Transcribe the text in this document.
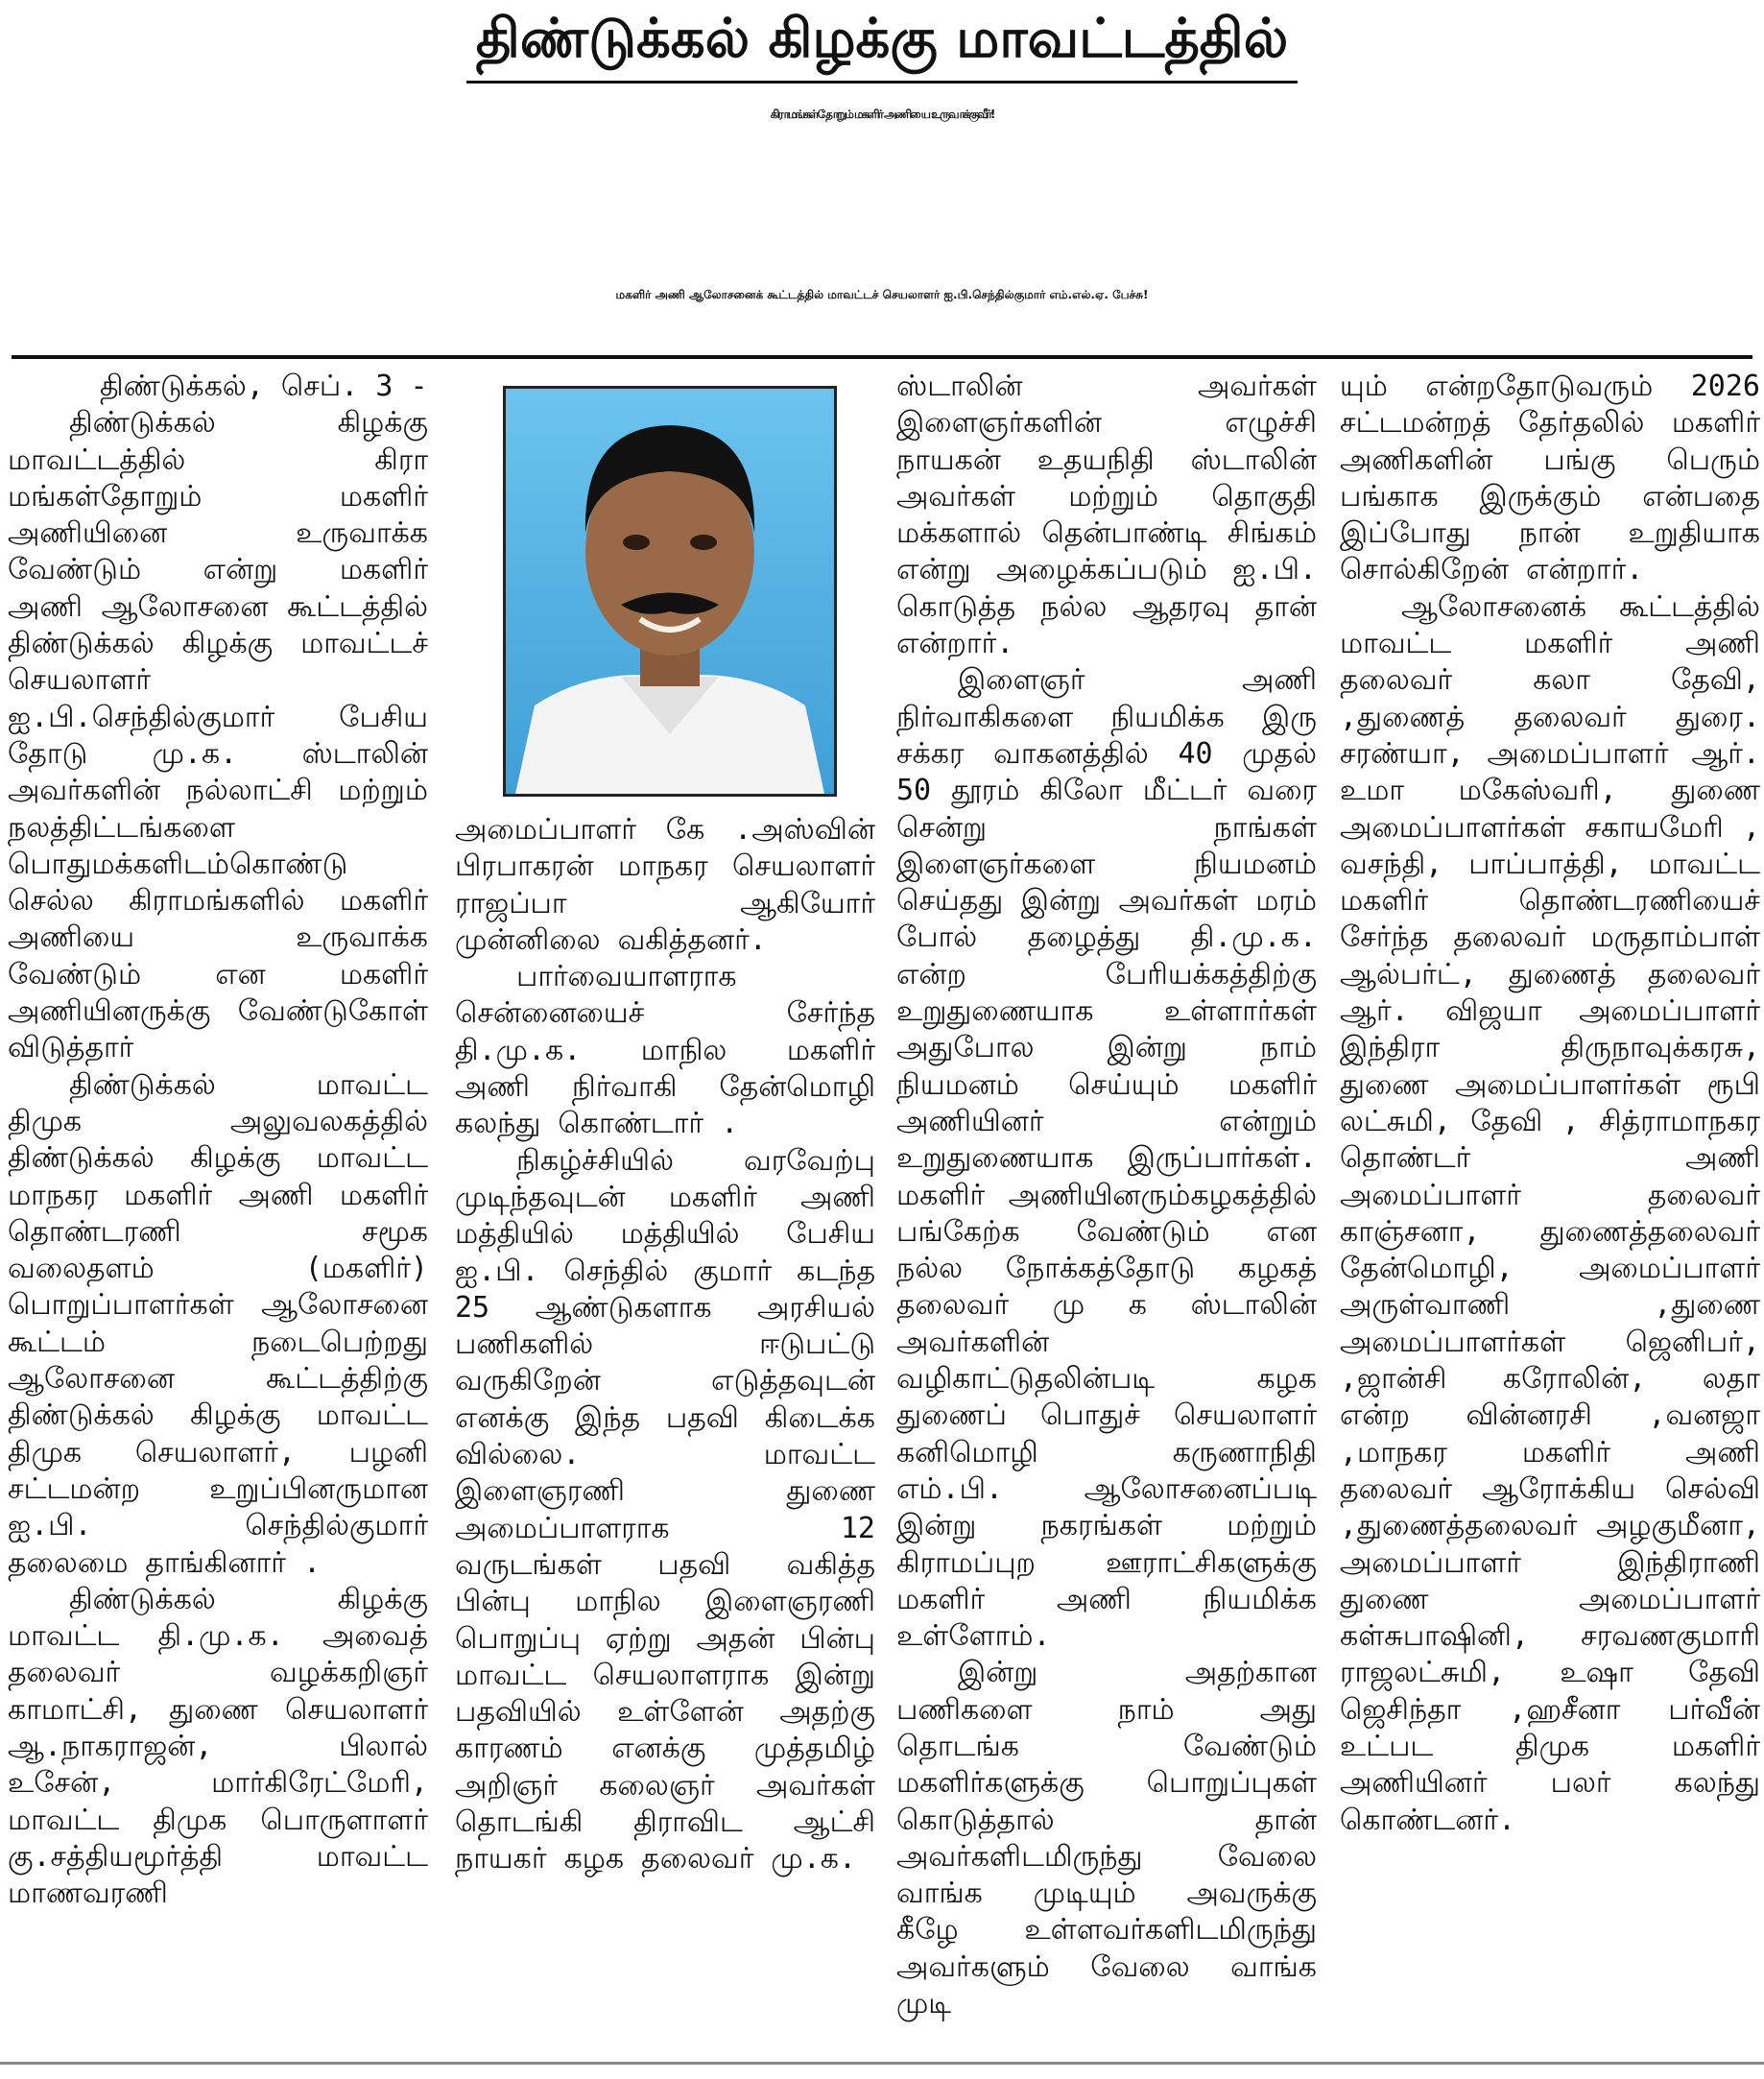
திண்டுக்கல் கிழக்கு மாவட்டத்தில்
கிராமங்கள்தோறும் மகளிர் அணியை உருவாக்குவீர்!
மகளிர் அணி ஆலோசனைக் கூட்டத்தில் மாவட்டச் செயலாளர் ஐ.பி.செந்தில்குமார் எம்.எல்.ஏ. பேச்சு!

திண்டுக்கல், செப். 3 -

திண்டுக்கல் கிழக்கு மாவட்டத்தில் கிரா மங்கள்தோறும் மகளிர் அணியினை உருவாக்க வேண்டும் என்று மகளிர் அணி ஆலோசனை கூட்டத்தில் திண்டுக்கல் கிழக்கு மாவட்டச் செயலாளர் ஐ.பி.செந்தில்குமார் பேசிய தோடு மு.க. ஸ்டாலின் அவர்களின் நல்லாட்சி மற்றும் நலத்திட்டங்களை பொதுமக்களிடம்கொண்டு செல்ல கிராமங்களில் மகளிர் அணியை உருவாக்க வேண்டும் என மகளிர் அணியினருக்கு வேண்டுகோள் விடுத்தார்

திண்டுக்கல் மாவட்ட திமுக அலுவலகத்தில் திண்டுக்கல் கிழக்கு மாவட்ட மாநகர மகளிர் அணி மகளிர் தொண்டரணி சமூக வலைதளம் (மகளிர்) பொறுப்பாளர்கள் ஆலோசனை கூட்டம் நடைபெற்றது ஆலோசனை கூட்டத்திற்கு திண்டுக்கல் கிழக்கு மாவட்ட திமுக செயலாளர், பழனி சட்டமன்ற உறுப்பினருமான ஐ.பி. செந்தில்குமார் தலைமை தாங்கினார் .

திண்டுக்கல் கிழக்கு மாவட்ட தி.மு.க. அவைத் தலைவர் வழக்கறிஞர் காமாட்சி, துணை செயலாளர் ஆ.நாகராஜன், பிலால் உசேன், மார்கிரேட்மேரி, மாவட்ட திமுக பொருளாளர் கு.சத்தியமூர்த்தி மாவட்ட மாணவரணி

அமைப்பாளர் கே .அஸ்வின் பிரபாகரன் மாநகர செயலாளர் ராஜப்பா ஆகியோர் முன்னிலை வகித்தனர்.

பார்வையாளராக சென்னையைச் சேர்ந்த தி.மு.க. மாநில மகளிர் அணி நிர்வாகி தேன்மொழி கலந்து கொண்டார் .

நிகழ்ச்சியில் வரவேற்பு முடிந்தவுடன் மகளிர் அணி மத்தியில் மத்தியில் பேசிய ஐ.பி. செந்தில் குமார் கடந்த 25 ஆண்டுகளாக அரசியல் பணிகளில் ஈடுபட்டு வருகிறேன் எடுத்தவுடன் எனக்கு இந்த பதவி கிடைக்க வில்லை. மாவட்ட இளைஞரணி துணை அமைப்பாளராக 12 வருடங்கள் பதவி வகித்த பின்பு மாநில இளைஞரணி பொறுப்பு ஏற்று அதன் பின்பு மாவட்ட செயலாளராக இன்று பதவியில் உள்ளேன் அதற்கு காரணம் எனக்கு முத்தமிழ் அறிஞர் கலைஞர் அவர்கள் தொடங்கி திராவிட ஆட்சி நாயகர் கழக தலைவர் மு.க.

ஸ்டாலின் அவர்கள் இளைஞர்களின் எழுச்சி நாயகன் உதயநிதி ஸ்டாலின் அவர்கள் மற்றும் தொகுதி மக்களால் தென்பாண்டி சிங்கம் என்று அழைக்கப்படும் ஐ.பி. கொடுத்த நல்ல ஆதரவு தான் என்றார்.

இளைஞர் அணி நிர்வாகிகளை நியமிக்க இரு சக்கர வாகனத்தில் 40 முதல் 50 தூரம் கிலோ மீட்டர் வரை சென்று நாங்கள் இளைஞர்களை நியமனம் செய்தது இன்று அவர்கள் மரம் போல் தழைத்து தி.மு.க. என்ற பேரியக்கத்திற்கு உறுதுணையாக உள்ளார்கள் அதுபோல இன்று நாம் நியமனம் செய்யும் மகளிர் அணியினர் என்றும் உறுதுணையாக இருப்பார்கள். மகளிர் அணியினரும்கழகத்தில் பங்கேற்க வேண்டும் என நல்ல நோக்கத்தோடு கழகத் தலைவர் மு க ஸ்டாலின் அவர்களின் வழிகாட்டுதலின்படி கழக துணைப் பொதுச் செயலாளர் கனிமொழி கருணாநிதி எம்.பி. ஆலோசனைப்படி இன்று நகரங்கள் மற்றும் கிராமப்புற ஊராட்சிகளுக்கு மகளிர் அணி நியமிக்க உள்ளோம்.

இன்று அதற்கான பணிகளை நாம் அது தொடங்க வேண்டும் மகளிர்களுக்கு பொறுப்புகள் கொடுத்தால் தான் அவர்களிடமிருந்து வேலை வாங்க முடியும் அவருக்கு கீழே உள்ளவர்களிடமிருந்து அவர்களும் வேலை வாங்க முடி

யும் என்றதோடுவரும் 2026 சட்டமன்றத் தேர்தலில் மகளிர் அணிகளின் பங்கு பெரும் பங்காக இருக்கும் என்பதை இப்போது நான் உறுதியாக சொல்கிறேன் என்றார்.

ஆலோசனைக் கூட்டத்தில் மாவட்ட மகளிர் அணி தலைவர் கலா தேவி, ,துணைத் தலைவர் துரை. சரண்யா, அமைப்பாளர் ஆர். உமா மகேஸ்வரி, துணை அமைப்பாளர்கள் சகாயமேரி , வசந்தி, பாப்பாத்தி, மாவட்ட மகளிர் தொண்டரணியைச் சேர்ந்த தலைவர் மருதாம்பாள் ஆல்பர்ட், துணைத் தலைவர் ஆர். விஜயா அமைப்பாளர் இந்திரா திருநாவுக்கரசு, துணை அமைப்பாளர்கள் ரூபி லட்சுமி, தேவி , சித்ராமாநகர தொண்டர் அணி அமைப்பாளர் தலைவர் காஞ்சனா, துணைத்தலைவர் தேன்மொழி, அமைப்பாளர் அருள்வாணி ,துணை அமைப்பாளர்கள் ஜெனிபர், ,ஜான்சி கரோலின், லதா என்ற வின்னரசி ,வனஜா ,மாநகர மகளிர் அணி தலைவர் ஆரோக்கிய செல்வி ,துணைத்தலைவர் அழகுமீனா, அமைப்பாளர் இந்திராணி துணை அமைப்பாளர் கள்சுபாஷினி, சரவணகுமாரி ராஜலட்சுமி, உஷா தேவி ஜெசிந்தா ,ஹசீனா பர்வீன் உட்பட திமுக மகளிர் அணியினர் பலர் கலந்து கொண்டனர்.
